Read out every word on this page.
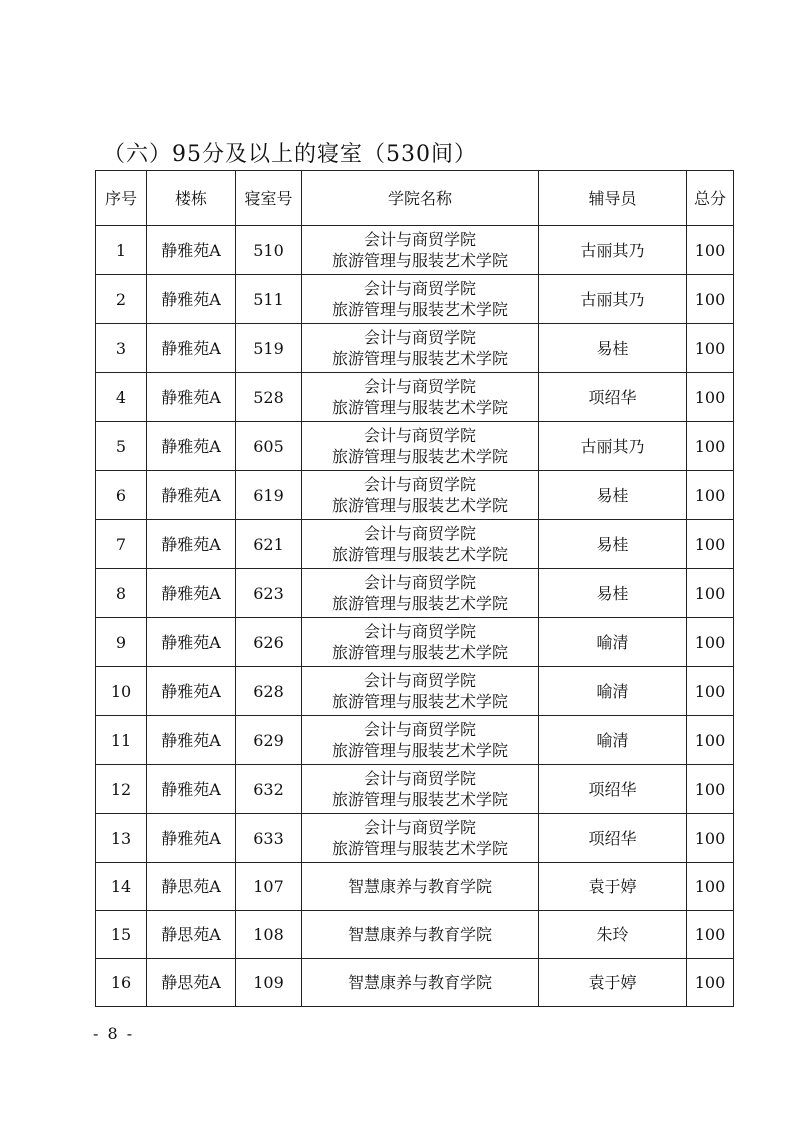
（六）95分及以上的寝室（530间）
序号	楼栋	寝室号	学院名称	辅导员	总分
1	静雅苑A	510	会计与商贸学院
旅游管理与服装艺术学院	古丽其乃	100
2	静雅苑A	511	会计与商贸学院
旅游管理与服装艺术学院	古丽其乃	100
3	静雅苑A	519	会计与商贸学院
旅游管理与服装艺术学院	易桂	100
4	静雅苑A	528	会计与商贸学院
旅游管理与服装艺术学院	项绍华	100
5	静雅苑A	605	会计与商贸学院
旅游管理与服装艺术学院	古丽其乃	100
6	静雅苑A	619	会计与商贸学院
旅游管理与服装艺术学院	易桂	100
7	静雅苑A	621	会计与商贸学院
旅游管理与服装艺术学院	易桂	100
8	静雅苑A	623	会计与商贸学院
旅游管理与服装艺术学院	易桂	100
9	静雅苑A	626	会计与商贸学院
旅游管理与服装艺术学院	喻清	100
10	静雅苑A	628	会计与商贸学院
旅游管理与服装艺术学院	喻清	100
11	静雅苑A	629	会计与商贸学院
旅游管理与服装艺术学院	喻清	100
12	静雅苑A	632	会计与商贸学院
旅游管理与服装艺术学院	项绍华	100
13	静雅苑A	633	会计与商贸学院
旅游管理与服装艺术学院	项绍华	100
14	静思苑A	107	智慧康养与教育学院	袁于婷	100
15	静思苑A	108	智慧康养与教育学院	朱玲	100
16	静思苑A	109	智慧康养与教育学院	袁于婷	100
- 8 -
